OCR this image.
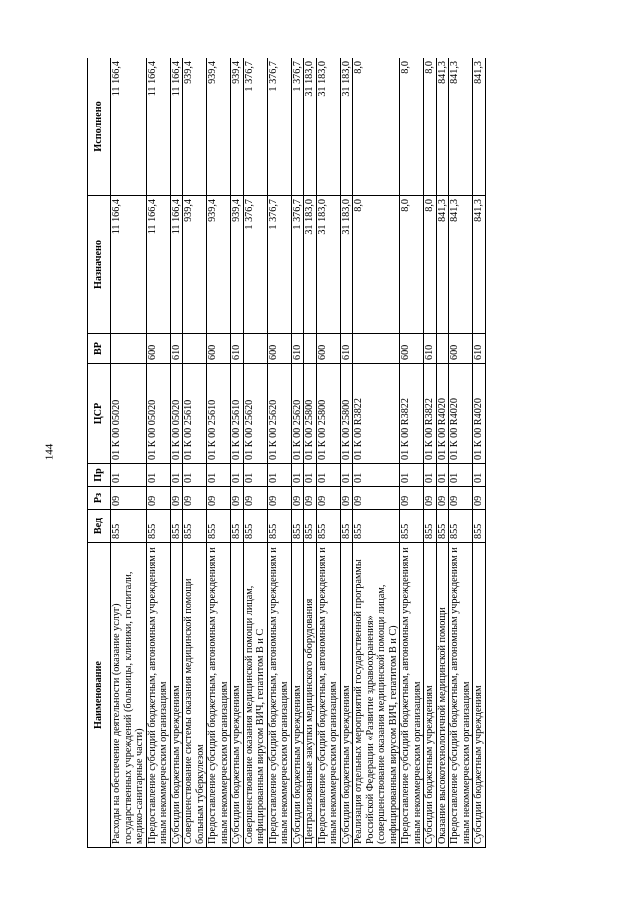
144
Наименование	Вед	Рз	Пр	ЦСР	ВР	Назначено	Исполнено
Расходы на обеспечение деятельности (оказание услуг) государственных учреждений (больницы, клиники, госпитали, медико-санитарные части)	855	09	01	01 К 00 05020		11 166,4	11 166,4
Предоставление субсидий бюджетным, автономным учреждениям и иным некоммерческим организациям	855	09	01	01 К 00 05020	600	11 166,4	11 166,4
Субсидии бюджетным учреждениям	855	09	01	01 К 00 05020	610	11 166,4	11 166,4
Совершенствование системы оказания медицинской помощи больным туберкулезом	855	09	01	01 К 00 25610		939,4	939,4
Предоставление субсидий бюджетным, автономным учреждениям и иным некоммерческим организациям	855	09	01	01 К 00 25610	600	939,4	939,4
Субсидии бюджетным учреждениям	855	09	01	01 К 00 25610	610	939,4	939,4
Совершенствование оказания медицинской помощи лицам, инфицированным вирусом ВИЧ, гепатитом В и С	855	09	01	01 К 00 25620		1 376,7	1 376,7
Предоставление субсидий бюджетным, автономным учреждениям и иным некоммерческим организациям	855	09	01	01 К 00 25620	600	1 376,7	1 376,7
Субсидии бюджетным учреждениям	855	09	01	01 К 00 25620	610	1 376,7	1 376,7
Централизованные закупки медицинского оборудования	855	09	01	01 К 00 25800		31 183,0	31 183,0
Предоставление субсидий бюджетным, автономным учреждениям и иным некоммерческим организациям	855	09	01	01 К 00 25800	600	31 183,0	31 183,0
Субсидии бюджетным учреждениям	855	09	01	01 К 00 25800	610	31 183,0	31 183,0
Реализация отдельных мероприятий государственной программы Российской Федерации «Развитие здравоохранения» (совершенствование оказания медицинской помощи лицам, инфицированным вирусом ВИЧ, гепатитом В и С)	855	09	01	01 К 00 R3822		8,0	8,0
Предоставление субсидий бюджетным, автономным учреждениям и иным некоммерческим организациям	855	09	01	01 К 00 R3822	600	8,0	8,0
Субсидии бюджетным учреждениям	855	09	01	01 К 00 R3822	610	8,0	8,0
Оказание высокотехнологичной медицинской помощи	855	09	01	01 К 00 R4020		841,3	841,3
Предоставление субсидий бюджетным, автономным учреждениям и иным некоммерческим организациям	855	09	01	01 К 00 R4020	600	841,3	841,3
Субсидии бюджетным учреждениям	855	09	01	01 К 00 R4020	610	841,3	841,3
